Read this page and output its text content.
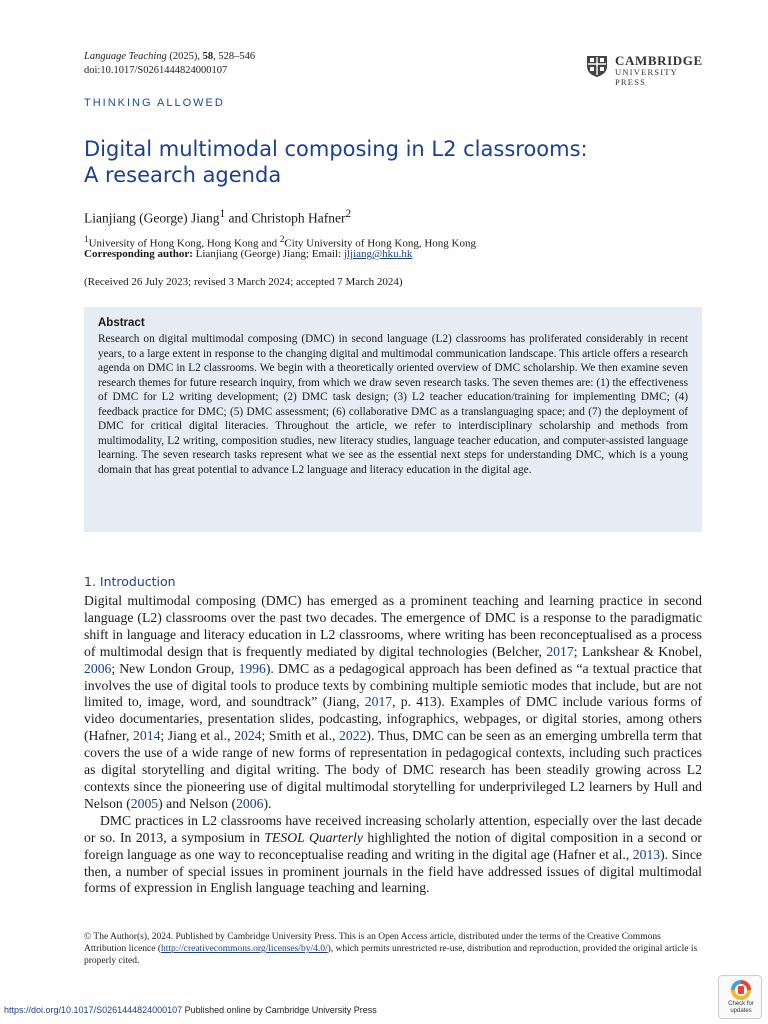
Language Teaching (2025), 58, 528–546
doi:10.1017/S0261444824000107
CAMBRIDGE
UNIVERSITY PRESS
THINKING ALLOWED
Digital multimodal composing in L2 classrooms:
A research agenda
Lianjiang (George) Jiang$^1$ and Christoph Hafner$^2$
$^1$University of Hong Kong, Hong Kong and $^2$City University of Hong Kong, Hong Kong
Corresponding author: Lianjiang (George) Jiang; Email: jljiang@hku.hk
(Received 26 July 2023; revised 3 March 2024; accepted 7 March 2024)
Abstract
Research on digital multimodal composing (DMC) in second language (L2) classrooms has proliferated considerably in recent years, to a large extent in response to the changing digital and multimodal communication landscape. This article offers a research agenda on DMC in L2 classrooms. We begin with a theoretically oriented overview of DMC scholarship. We then examine seven research themes for future research inquiry, from which we draw seven research tasks. The seven themes are: (1) the effectiveness of DMC for L2 writing development; (2) DMC task design; (3) L2 teacher education/training for implementing DMC; (4) feedback practice for DMC; (5) DMC assessment; (6) collaborative DMC as a translanguaging space; and (7) the deployment of DMC for critical digital literacies. Throughout the article, we refer to interdisciplinary scholarship and methods from multimodality, L2 writing, composition studies, new literacy studies, language teacher education, and computer-assisted language learning. The seven research tasks represent what we see as the essential next steps for understanding DMC, which is a young domain that has great potential to advance L2 language and literacy education in the digital age.
1. Introduction

Digital multimodal composing (DMC) has emerged as a prominent teaching and learning practice in second language (L2) classrooms over the past two decades. The emergence of DMC is a response to the paradigmatic shift in language and literacy education in L2 classrooms, where writing has been reconceptualised as a process of multimodal design that is frequently mediated by digital technologies (Belcher, 2017; Lankshear & Knobel, 2006; New London Group, 1996). DMC as a pedagogical approach has been defined as “a textual practice that involves the use of digital tools to produce texts by combining multiple semiotic modes that include, but are not limited to, image, word, and soundtrack” (Jiang, 2017, p. 413). Examples of DMC include various forms of video documentaries, presentation slides, podcasting, infographics, webpages, or digital stories, among others (Hafner, 2014; Jiang et al., 2024; Smith et al., 2022). Thus, DMC can be seen as an emerging umbrella term that covers the use of a wide range of new forms of representation in pedagogical contexts, including such practices as digital storytelling and digital writing. The body of DMC research has been steadily growing across L2 contexts since the pioneering use of digital multimodal storytelling for underprivileged L2 learners by Hull and Nelson (2005) and Nelson (2006).

DMC practices in L2 classrooms have received increasing scholarly attention, especially over the last decade or so. In 2013, a symposium in TESOL Quarterly highlighted the notion of digital composition in a second or foreign language as one way to reconceptualise reading and writing in the digital age (Hafner et al., 2013). Since then, a number of special issues in prominent journals in the field have addressed issues of digital multimodal forms of expression in English language teaching and learning.

© The Author(s), 2024. Published by Cambridge University Press. This is an Open Access article, distributed under the terms of the Creative Commons Attribution licence (http://creativecommons.org/licenses/by/4.0/), which permits unrestricted re-use, distribution and reproduction, provided the original article is properly cited.
https://doi.org/10.1017/S0261444824000107 Published online by Cambridge University Press
Check for
updates
